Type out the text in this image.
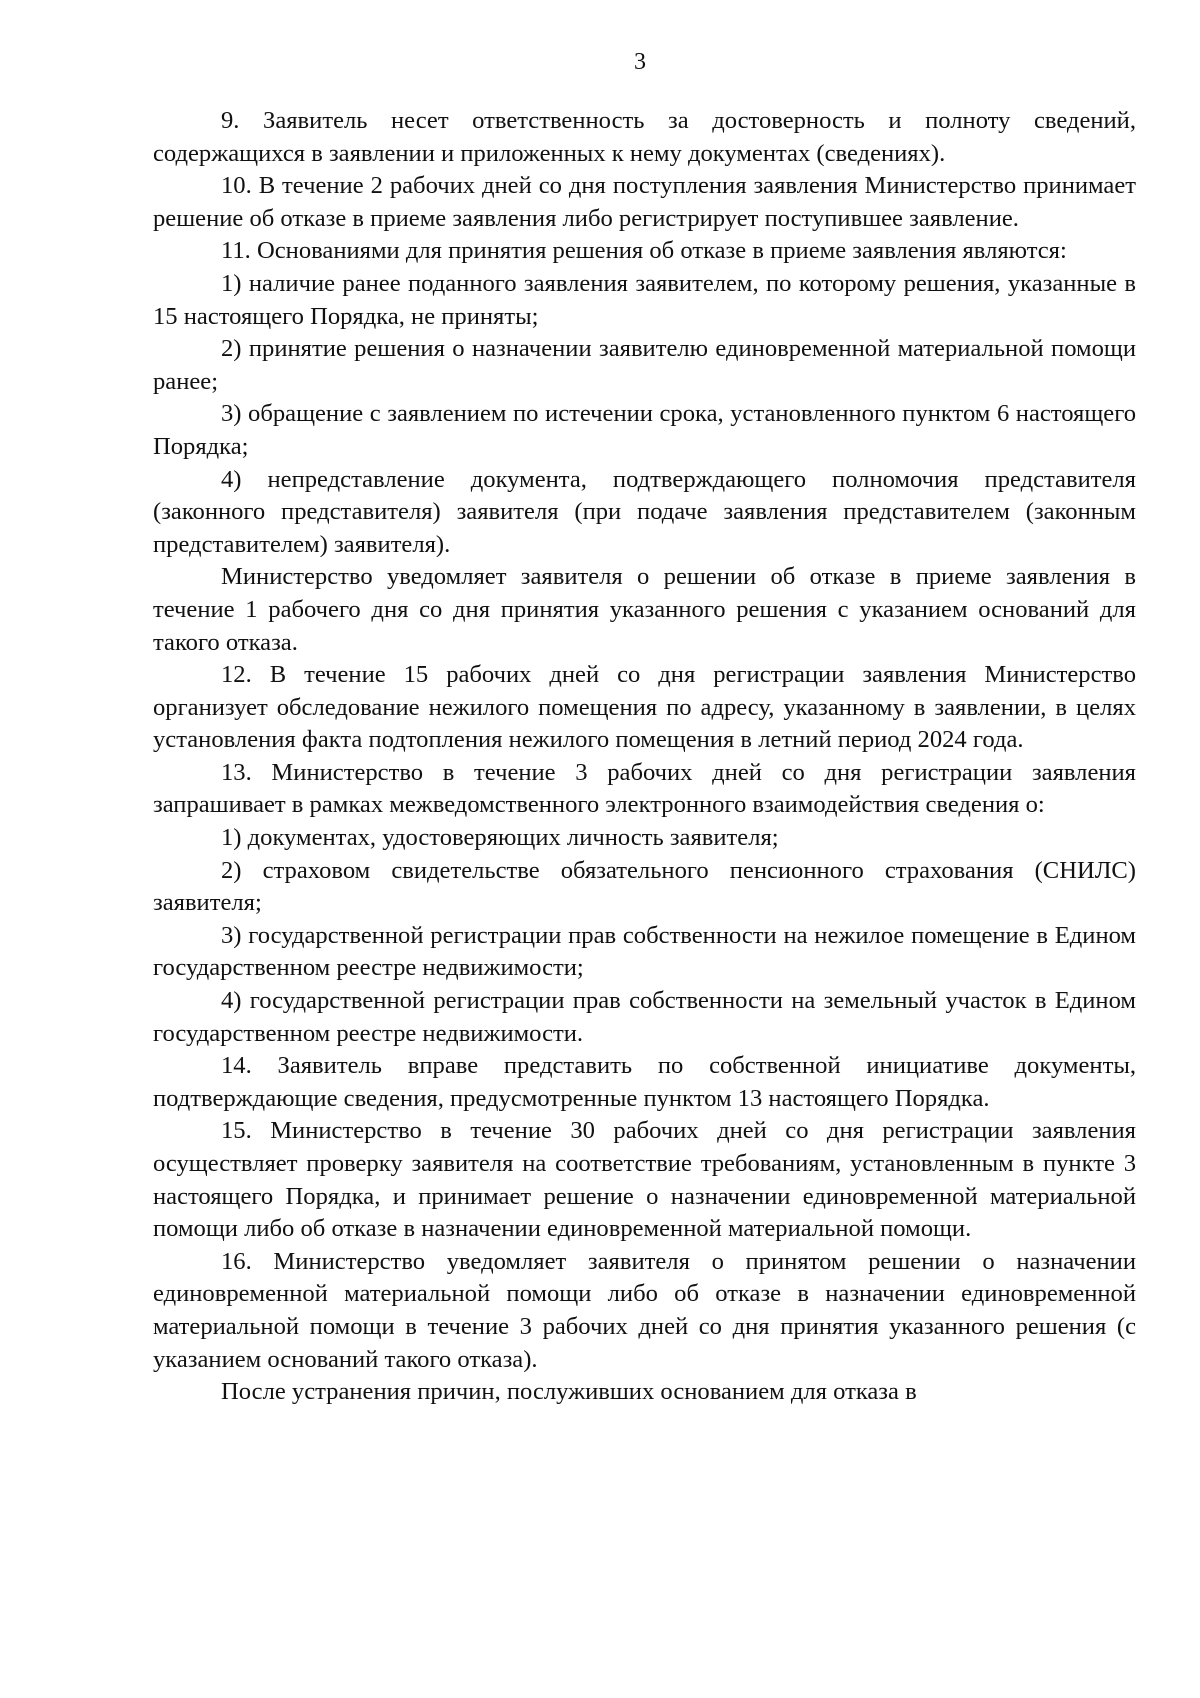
3

9. Заявитель несет ответственность за достоверность и полноту сведений, содержащихся в заявлении и приложенных к нему документах (сведениях).

10. В течение 2 рабочих дней со дня поступления заявления Министерство принимает решение об отказе в приеме заявления либо регистрирует поступившее заявление.

11. Основаниями для принятия решения об отказе в приеме заявления являются:

1) наличие ранее поданного заявления заявителем, по которому решения, указанные в 15 настоящего Порядка, не приняты;

2) принятие решения о назначении заявителю единовременной материальной помощи ранее;

3) обращение с заявлением по истечении срока, установленного пунктом 6 настоящего Порядка;

4) непредставление документа, подтверждающего полномочия представителя (законного представителя) заявителя (при подаче заявления представителем (законным представителем) заявителя).

Министерство уведомляет заявителя о решении об отказе в приеме заявления в течение 1 рабочего дня со дня принятия указанного решения с указанием оснований для такого отказа.

12. В течение 15 рабочих дней со дня регистрации заявления Министерство организует обследование нежилого помещения по адресу, указанному в заявлении, в целях установления факта подтопления нежилого помещения в летний период 2024 года.

13. Министерство в течение 3 рабочих дней со дня регистрации заявления запрашивает в рамках межведомственного электронного взаимодействия сведения о:

1) документах, удостоверяющих личность заявителя;

2) страховом свидетельстве обязательного пенсионного страхования (СНИЛС) заявителя;

3) государственной регистрации прав собственности на нежилое помещение в Едином государственном реестре недвижимости;

4) государственной регистрации прав собственности на земельный участок в Едином государственном реестре недвижимости.

14. Заявитель вправе представить по собственной инициативе документы, подтверждающие сведения, предусмотренные пунктом 13 настоящего Порядка.

15. Министерство в течение 30 рабочих дней со дня регистрации заявления осуществляет проверку заявителя на соответствие требованиям, установленным в пункте 3 настоящего Порядка, и принимает решение о назначении единовременной материальной помощи либо об отказе в назначении единовременной материальной помощи.

16. Министерство уведомляет заявителя о принятом решении о назначении единовременной материальной помощи либо об отказе в назначении единовременной материальной помощи в течение 3 рабочих дней со дня принятия указанного решения (с указанием оснований такого отказа).

После устранения причин, послуживших основанием для отказа в
